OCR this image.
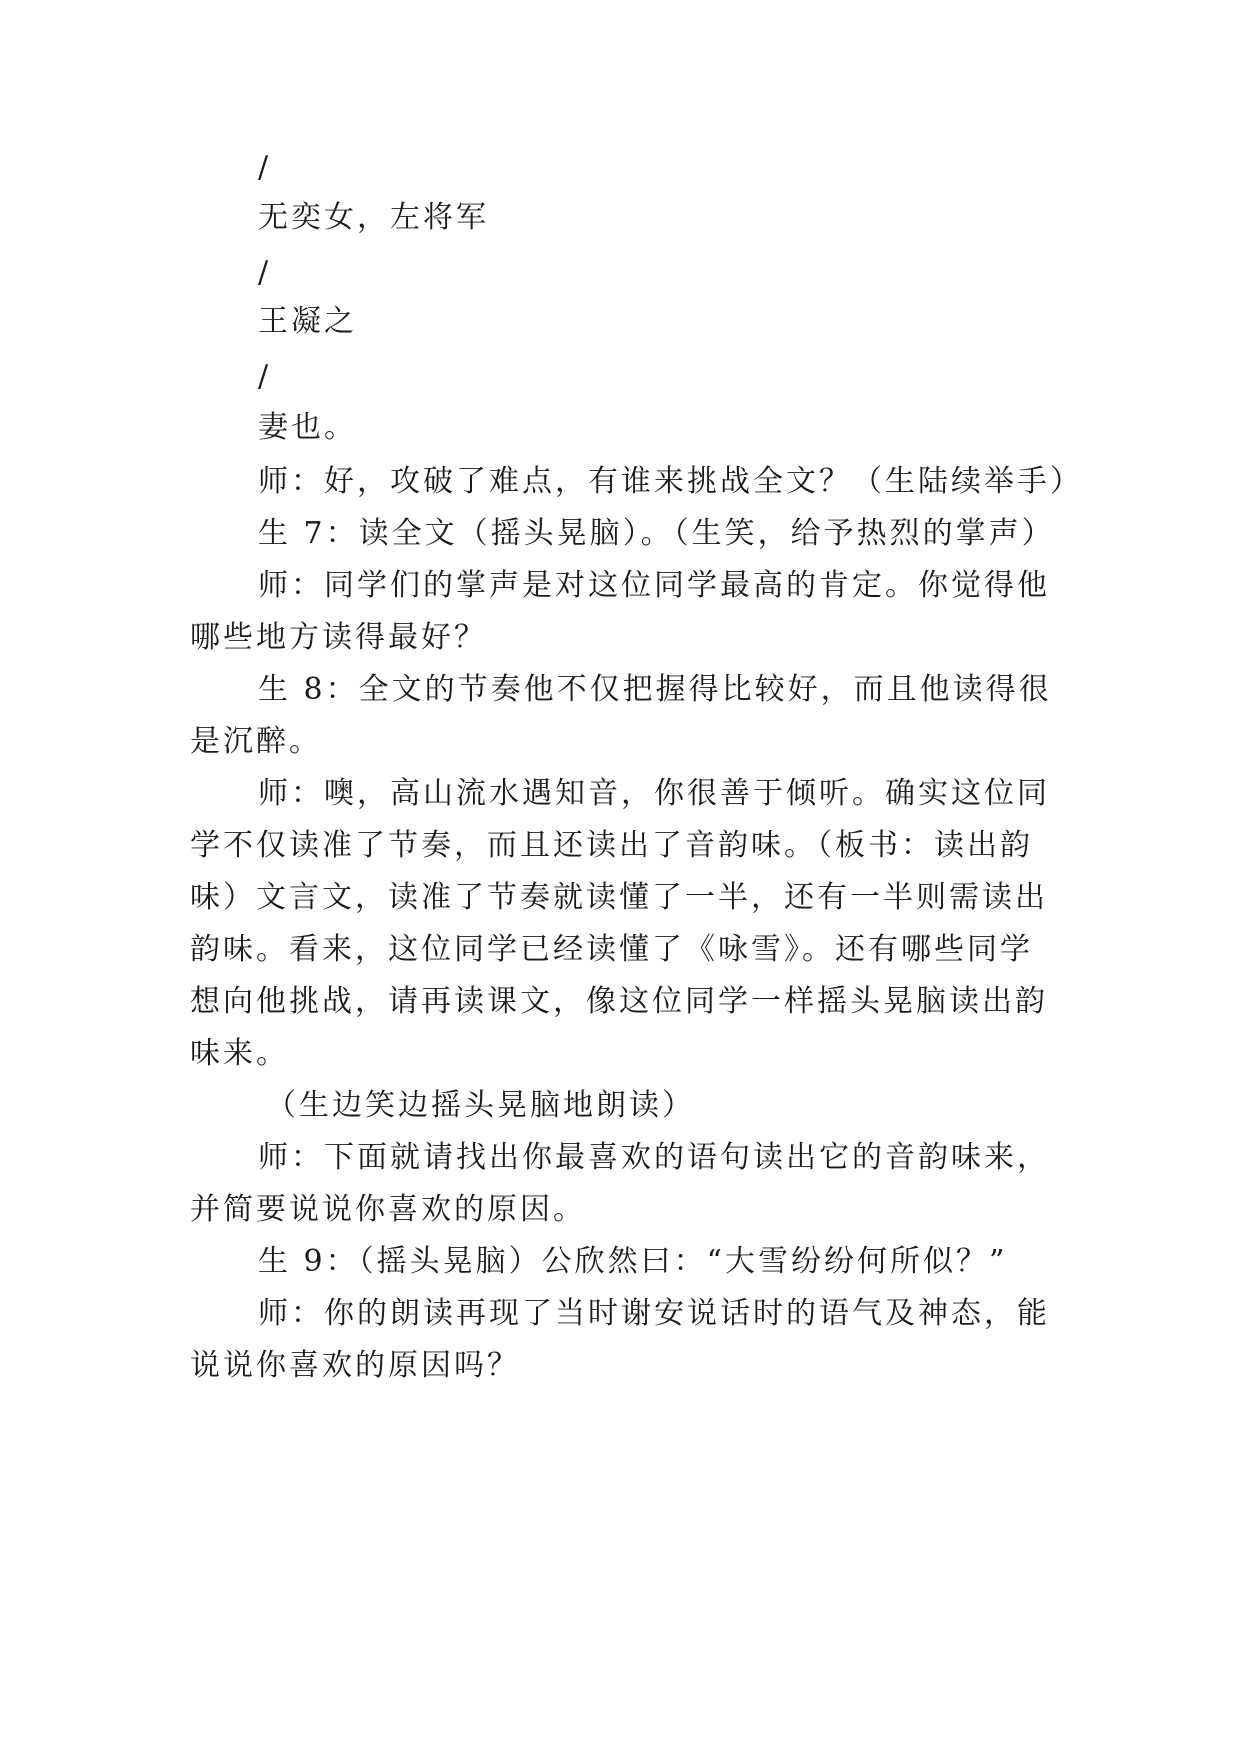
/
无奕女，左将军
/
王凝之
/
妻也。
师：好，攻破了难点，有谁来挑战全文？（生陆续举手）
生 7：读全文（摇头晃脑）。（生笑，给予热烈的掌声）
师：同学们的掌声是对这位同学最高的肯定。你觉得他
哪些地方读得最好？
生 8：全文的节奏他不仅把握得比较好，而且他读得很
是沉醉。
师：噢，高山流水遇知音，你很善于倾听。确实这位同
学不仅读准了节奏，而且还读出了音韵味。（板书：读出韵
味）文言文，读准了节奏就读懂了一半，还有一半则需读出
韵味。看来，这位同学已经读懂了《咏雪》。还有哪些同学
想向他挑战，请再读课文，像这位同学一样摇头晃脑读出韵
味来。
（生边笑边摇头晃脑地朗读）
师：下面就请找出你最喜欢的语句读出它的音韵味来，
并简要说说你喜欢的原因。
生 9：（摇头晃脑）公欣然曰：“大雪纷纷何所似？”
师：你的朗读再现了当时谢安说话时的语气及神态，能
说说你喜欢的原因吗？
